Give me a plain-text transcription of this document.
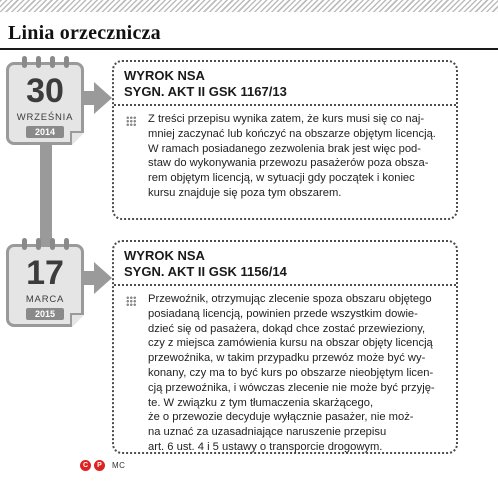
Linia orzecznicza
30
WRZEŚNIA
2014
WYROK NSA
SYGN. AKT II GSK 1167/13
Z treści przepisu wynika zatem, że kurs musi się co naj-
mniej zaczynać lub kończyć na obszarze objętym licencją.
W ramach posiadanego zezwolenia brak jest więc pod-
staw do wykonywania przewozu pasażerów poza obsza-
rem objętym licencją, w sytuacji gdy początek i koniec
kursu znajduje się poza tym obszarem.
17
MARCA
2015
WYROK NSA
SYGN. AKT II GSK 1156/14
Przewoźnik, otrzymując zlecenie spoza obszaru objętego
posiadaną licencją, powinien przede wszystkim dowie-
dzieć się od pasażera, dokąd chce zostać przewieziony,
czy z miejsca zamówienia kursu na obszar objęty licencją
przewoźnika, w takim przypadku przewóz może być wy-
konany, czy ma to być kurs po obszarze nieobjętym licen-
cją przewoźnika, i wówczas zlecenie nie może być przyję-
te. W związku z tym tłumaczenia skarżącego,
że o przewozie decyduje wyłącznie pasażer, nie moż-
na uznać za uzasadniające naruszenie przepisu
art. 6 ust. 4 i 5 ustawy o transporcie drogowym.
C	P	MC
